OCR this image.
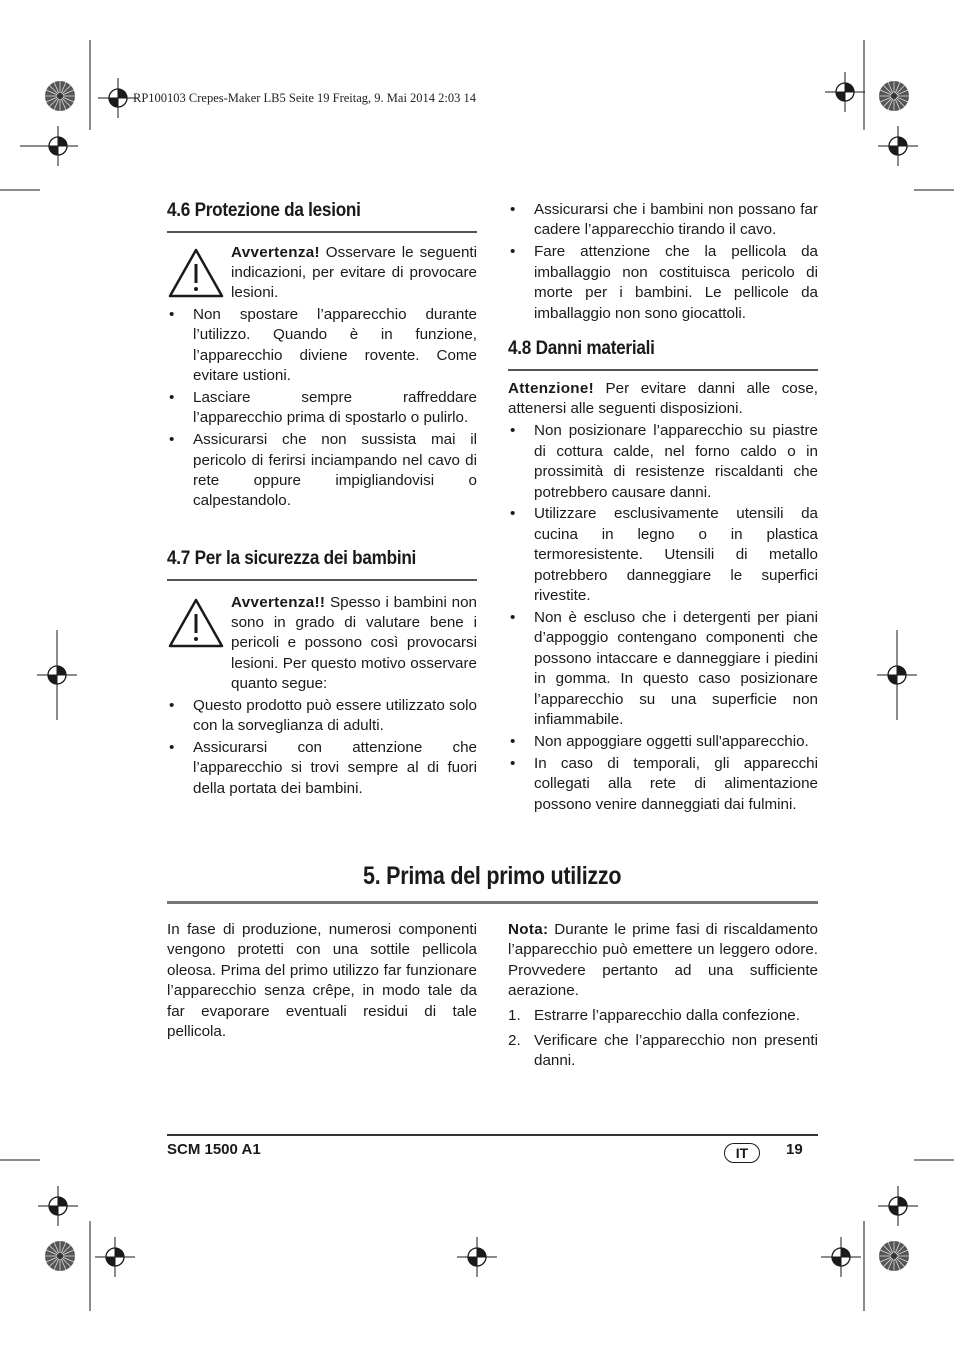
RP100103 Crepes-Maker LB5 Seite 19 Freitag, 9. Mai 2014 2:03 14
4.6 Protezione da lesioni
Avvertenza! Osservare le seguenti indicazioni, per evitare di provocare lesioni.
• Non spostare l’apparecchio durante l’utilizzo. Quando è in funzione, l’apparecchio diviene rovente. Come evitare ustioni.
• Lasciare sempre raffreddare l’apparecchio prima di spostarlo o pulirlo.
• Assicurarsi che non sussista mai il pericolo di ferirsi inciampando nel cavo di rete oppure impigliandovisi o calpestandolo.
4.7 Per la sicurezza dei bambini
Avvertenza!! Spesso i bambini non sono in grado di valutare bene i pericoli e possono così provocarsi lesioni. Per questo motivo osservare quanto segue:
• Questo prodotto può essere utilizzato solo con la sorveglianza di adulti.
• Assicurarsi con attenzione che l’apparecchio si trovi sempre al di fuori della portata dei bambini.
• Assicurarsi che i bambini non possano far cadere l’apparecchio tirando il cavo.
• Fare attenzione che la pellicola da imballaggio non costituisca pericolo di morte per i bambini. Le pellicole da imballaggio non sono giocattoli.
4.8 Danni materiali
Attenzione! Per evitare danni alle cose, attenersi alle seguenti disposizioni.
• Non posizionare l’apparecchio su piastre di cottura calde, nel forno caldo o in prossimità di resistenze riscaldanti che potrebbero causare danni.
• Utilizzare esclusivamente utensili da cucina in legno o in plastica termoresistente. Utensili di metallo potrebbero danneggiare le superfici rivestite.
• Non è escluso che i detergenti per piani d’appoggio contengano componenti che possono intaccare e danneggiare i piedini in gomma. In questo caso posizionare l’apparecchio su una superficie non infiammabile.
• Non appoggiare oggetti sull'apparecchio.
• In caso di temporali, gli apparecchi collegati alla rete di alimentazione possono venire danneggiati dai fulmini.
5. Prima del primo utilizzo
In fase di produzione, numerosi componenti vengono protetti con una sottile pellicola oleosa. Prima del primo utilizzo far funzionare l’apparecchio senza crêpe, in modo tale da far evaporare eventuali residui di tale pellicola.
Nota: Durante le prime fasi di riscaldamento l’apparecchio può emettere un leggero odore. Provvedere pertanto ad una sufficiente aerazione.
1. Estrarre l’apparecchio dalla confezione.
2. Verificare che l’apparecchio non presenti danni.
SCM 1500 A1	IT	19
